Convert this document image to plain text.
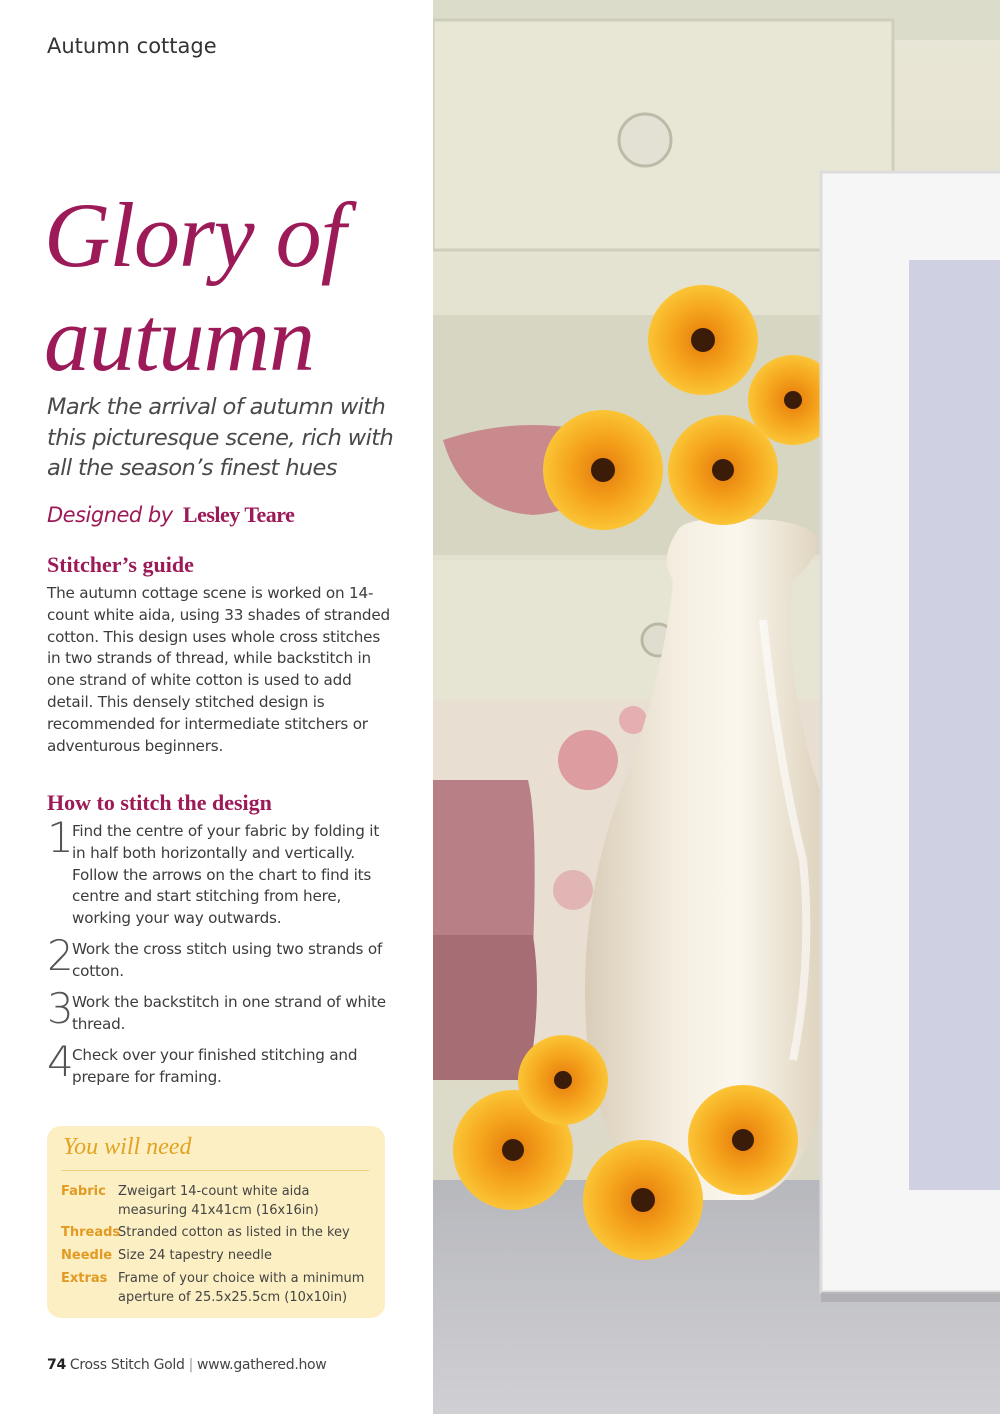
Autumn cottage
Glory of
autumn
Mark the arrival of autumn with this picturesque scene, rich with all the season’s finest hues
Designed by Lesley Teare
Stitcher’s guide
The autumn cottage scene is worked on 14-count white aida, using 33 shades of stranded cotton. This design uses whole cross stitches in two strands of thread, while backstitch in one strand of white cotton is used to add detail. This densely stitched design is recommended for intermediate stitchers or adventurous beginners.
How to stitch the design
1
Find the centre of your fabric by folding it in half both horizontally and vertically. Follow the arrows on the chart to find its centre and start stitching from here, working your way outwards.
2
Work the cross stitch using two strands of cotton.
3
Work the backstitch in one strand of white thread.
4
Check over your finished stitching and prepare for framing.
You will need
Fabric Zweigart 14-count white aida measuring 41x41cm (16x16in)
Threads
Stranded cotton as listed in the key
Needle Size 24 tapestry needle
Extras Frame of your choice with a minimum aperture of 25.5x25.5cm (10x10in)
74 Cross Stitch Gold | www.gathered.how
